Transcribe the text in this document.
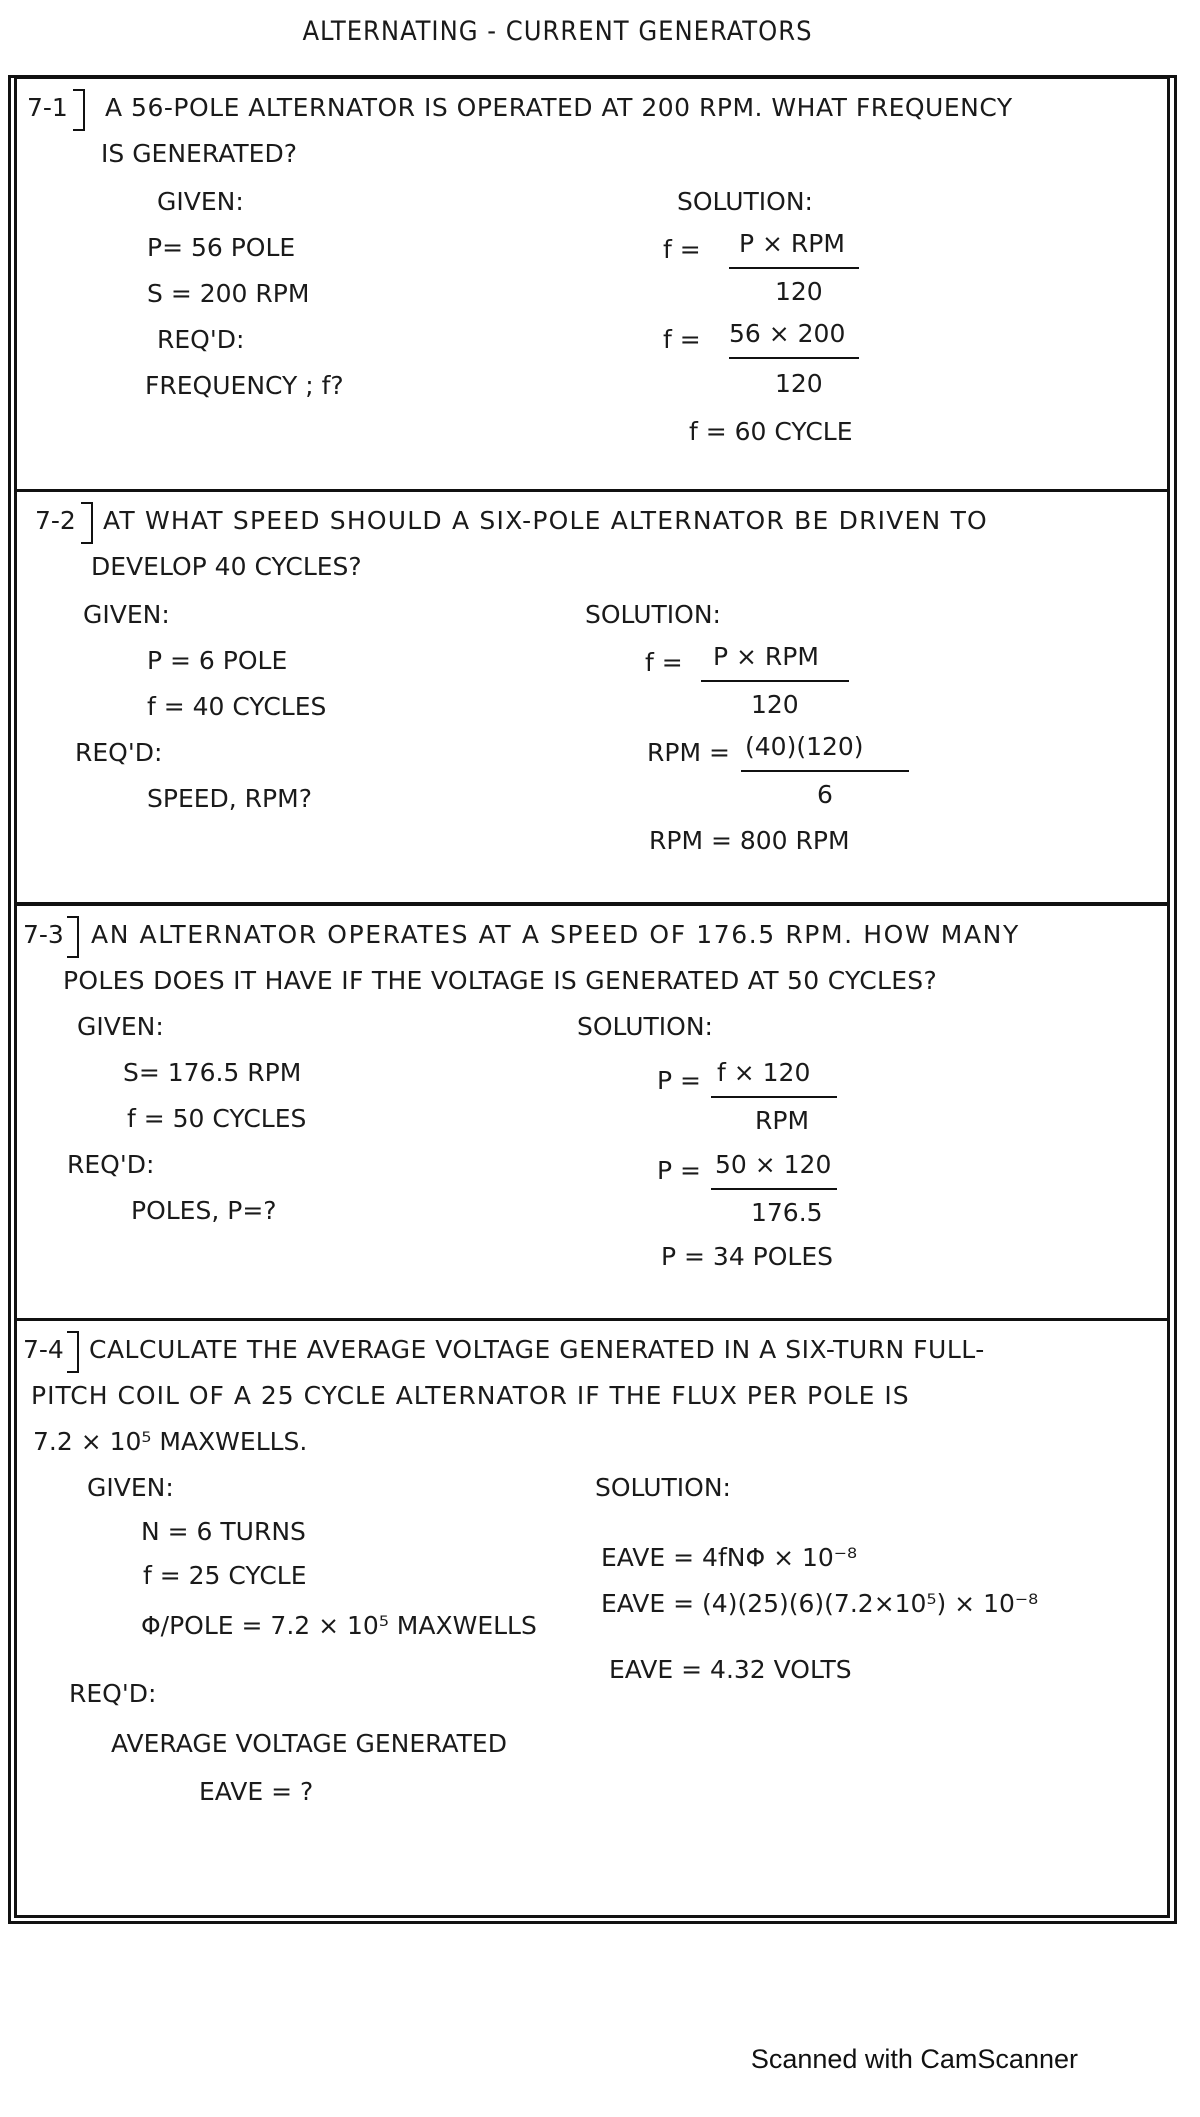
ALTERNATING - CURRENT GENERATORS
7-1 A 56-POLE ALTERNATOR IS OPERATED AT 200 RPM. WHAT FREQUENCY
IS GENERATED?
GIVEN:
P= 56 POLE
S = 200 RPM
REQ'D:
FREQUENCY ; f?
SOLUTION:
f = P × RPM
120
f = 56 × 200
120
f = 60 CYCLE
7-2 AT WHAT SPEED SHOULD A SIX-POLE ALTERNATOR BE DRIVEN TO
DEVELOP 40 CYCLES?
GIVEN:
P = 6 POLE
f = 40 CYCLES
REQ'D:
SPEED, RPM?
SOLUTION:
f = P × RPM
120
RPM = (40)(120)
6
RPM = 800 RPM
7-3 AN ALTERNATOR OPERATES AT A SPEED OF 176.5 RPM. HOW MANY
POLES DOES IT HAVE IF THE VOLTAGE IS GENERATED AT 50 CYCLES?
GIVEN:
S= 176.5 RPM
f = 50 CYCLES
REQ'D:
POLES, P=?
SOLUTION:
P = f × 120
RPM
P = 50 × 120
176.5
P = 34 POLES
7-4 CALCULATE THE AVERAGE VOLTAGE GENERATED IN A SIX-TURN FULL-
PITCH COIL OF A 25 CYCLE ALTERNATOR IF THE FLUX PER POLE IS
7.2 × 10⁵ MAXWELLS.
GIVEN:
N = 6 TURNS
f = 25 CYCLE
Φ/POLE = 7.2 × 10⁵ MAXWELLS
REQ'D:
AVERAGE VOLTAGE GENERATED
EAVE = ?
SOLUTION:
EAVE = 4fNΦ × 10⁻⁸
EAVE = (4)(25)(6)(7.2×10⁵) × 10⁻⁸
EAVE = 4.32 VOLTS
Scanned with CamScanner
